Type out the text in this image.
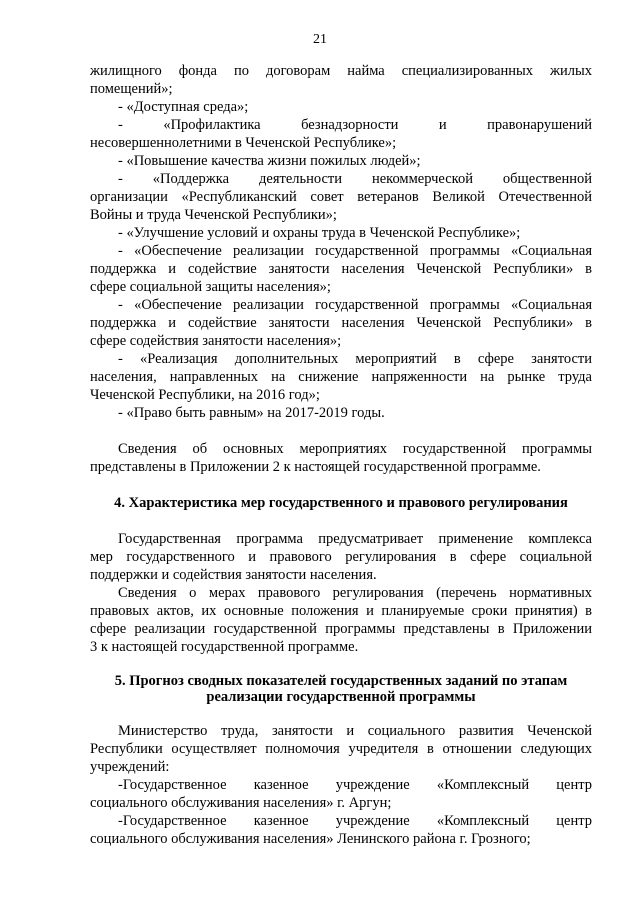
21
жилищного фонда по договорам найма специализированных жилых
помещений»;
- «Доступная среда»;
- «Профилактика безнадзорности и правонарушений
несовершеннолетними в Чеченской Республике»;
- «Повышение качества жизни пожилых людей»;
- «Поддержка деятельности некоммерческой общественной
организации «Республиканский совет ветеранов Великой Отечественной
Войны и труда Чеченской Республики»;
- «Улучшение условий и охраны труда в Чеченской Республике»;
- «Обеспечение реализации государственной программы «Социальная
поддержка и содействие занятости населения Чеченской Республики» в
сфере социальной защиты населения»;
- «Обеспечение реализации государственной программы «Социальная
поддержка и содействие занятости населения Чеченской Республики» в
сфере содействия занятости населения»;
- «Реализация дополнительных мероприятий в сфере занятости
населения, направленных на снижение напряженности на рынке труда
Чеченской Республики, на 2016 год»;
- «Право быть равным» на 2017-2019 годы.
Сведения об основных мероприятиях государственной программы
представлены в Приложении 2 к настоящей государственной программе.
4. Характеристика мер государственного и правового регулирования
Государственная программа предусматривает применение комплекса
мер государственного и правового регулирования в сфере социальной
поддержки и содействия занятости населения.
Сведения о мерах правового регулирования (перечень нормативных
правовых актов, их основные положения и планируемые сроки принятия) в
сфере реализации государственной программы представлены в Приложении
3 к настоящей государственной программе.
5. Прогноз сводных показателей государственных заданий по этапам
реализации государственной программы
Министерство труда, занятости и социального развития Чеченской
Республики осуществляет полномочия учредителя в отношении следующих
учреждений:
-Государственное казенное учреждение «Комплексный центр
социального обслуживания населения» г. Аргун;
-Государственное казенное учреждение «Комплексный центр
социального обслуживания населения» Ленинского района г. Грозного;
